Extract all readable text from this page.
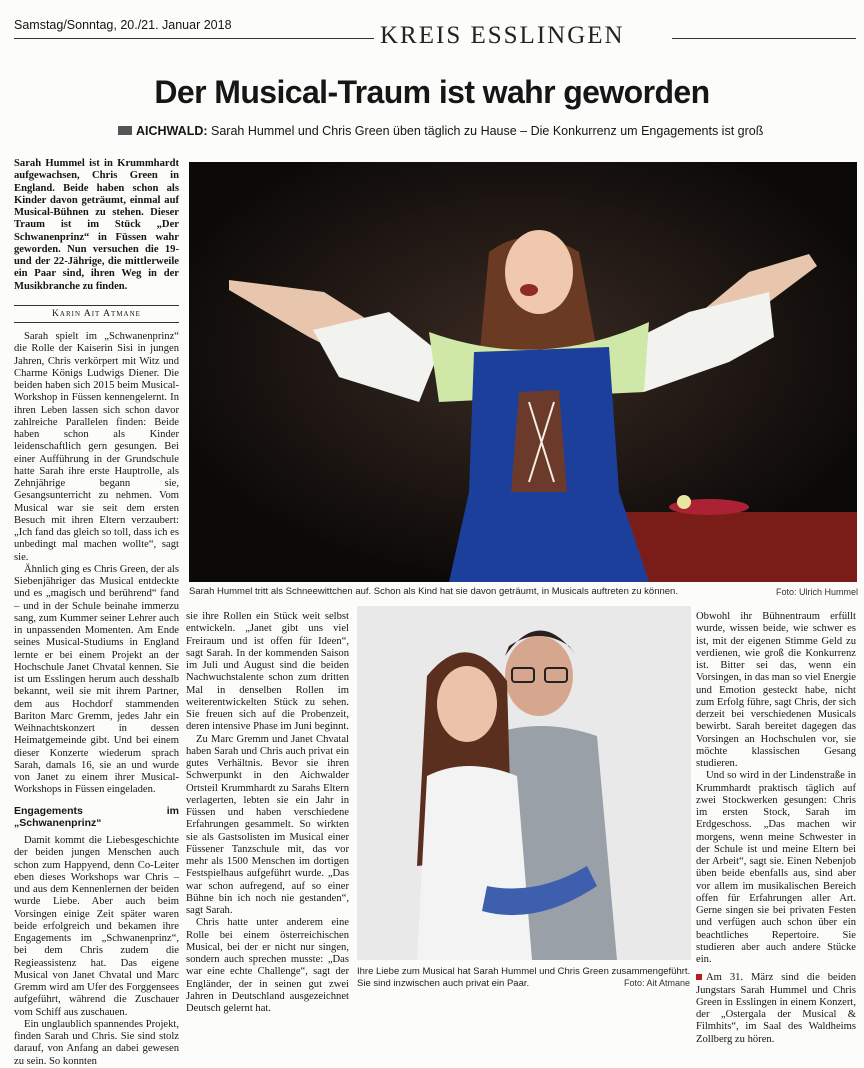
Samstag/Sonntag, 20./21. Januar 2018	KREIS ESSLINGEN
Der Musical-Traum ist wahr geworden
AICHWALD: Sarah Hummel und Chris Green üben täglich zu Hause – Die Konkurrenz um Engagements ist groß

Sarah Hummel ist in Krummhardt aufgewachsen, Chris Green in England. Beide haben schon als Kinder davon geträumt, einmal auf Musical-Bühnen zu stehen. Dieser Traum ist im Stück „Der Schwanenprinz“ in Füssen wahr geworden. Nun versuchen die 19- und der 22-Jährige, die mittlerweile ein Paar sind, ihren Weg in der Musikbranche zu finden.

Karin Ait Atmane

Sarah spielt im „Schwanenprinz“ die Rolle der Kaiserin Sisi in jungen Jahren, Chris verkörpert mit Witz und Charme Königs Ludwigs Diener. Die beiden haben sich 2015 beim Musical-Workshop in Füssen kennengelernt. In ihren Leben lassen sich schon davor zahlreiche Parallelen finden: Beide haben schon als Kinder leidenschaftlich gern gesungen. Bei einer Aufführung in der Grundschule hatte Sarah ihre erste Hauptrolle, als Zehnjährige begann sie, Gesangsunterricht zu nehmen. Vom Musical war sie seit dem ersten Besuch mit ihren Eltern verzaubert: „Ich fand das gleich so toll, dass ich es unbedingt mal machen wollte“, sagt sie.

Ähnlich ging es Chris Green, der als Siebenjähriger das Musical entdeckte und es „magisch und berührend“ fand – und in der Schule beinahe immerzu sang, zum Kummer seiner Lehrer auch in unpassenden Momenten. Am Ende seines Musical-Studiums in England lernte er bei einem Projekt an der Hochschule Janet Chvatal kennen. Sie ist um Esslingen herum auch desshalb bekannt, weil sie mit ihrem Partner, dem aus Hochdorf stammenden Bariton Marc Gremm, jedes Jahr ein Weihnachtskonzert in dessen Heimatgemeinde gibt. Und bei einem dieser Konzerte wiederum sprach Sarah, damals 16, sie an und wurde von Janet zu einem ihrer Musical-Workshops in Füssen eingeladen.

Engagements im „Schwanenprinz“

Damit kommt die Liebesgeschichte der beiden jungen Menschen auch schon zum Happyend, denn Co-Leiter eben dieses Workshops war Chris – und aus dem Kennenlernen der beiden wurde Liebe. Aber auch beim Vorsingen einige Zeit später waren beide erfolgreich und bekamen ihre Engagements im „Schwanenprinz“, bei dem Chris zudem die Regieassistenz hat. Das eigene Musical von Janet Chvatal und Marc Gremm wird am Ufer des Forggensees aufgeführt, während die Zuschauer vom Schiff aus zuschauen.

Ein unglaublich spannendes Projekt, finden Sarah und Chris. Sie sind stolz darauf, von Anfang an dabei gewesen zu sein. So konnten

Sarah Hummel tritt als Schneewittchen auf. Schon als Kind hat sie davon geträumt, in Musicals auftreten zu können.	Foto: Ulrich Hummel

sie ihre Rollen ein Stück weit selbst entwickeln. „Janet gibt uns viel Freiraum und ist offen für Ideen“, sagt Sarah. In der kommenden Saison im Juli und August sind die beiden Nachwuchstalente schon zum dritten Mal in denselben Rollen im weiterentwickelten Stück zu sehen. Sie freuen sich auf die Probenzeit, deren intensive Phase im Juni beginnt.

Zu Marc Gremm und Janet Chvatal haben Sarah und Chris auch privat ein gutes Verhältnis. Bevor sie ihren Schwerpunkt in den Aichwalder Ortsteil Krummhardt zu Sarahs Eltern verlagerten, lebten sie ein Jahr in Füssen und haben verschiedene Erfahrungen gesammelt. So wirkten sie als Gastsolisten im Musical einer Füssener Tanzschule mit, das vor mehr als 1500 Menschen im dortigen Festspielhaus aufgeführt wurde. „Das war schon aufregend, auf so einer Bühne bin ich noch nie gestanden“, sagt Sarah.

Chris hatte unter anderem eine Rolle bei einem österreichischen Musical, bei der er nicht nur singen, sondern auch sprechen musste: „Das war eine echte Challenge“, sagt der Engländer, der in seinen gut zwei Jahren in Deutschland ausgezeichnet Deutsch gelernt hat.

Ihre Liebe zum Musical hat Sarah Hummel und Chris Green zusammengeführt. Sie sind inzwischen auch privat ein Paar.	Foto: Ait Atmane

Obwohl ihr Bühnentraum erfüllt wurde, wissen beide, wie schwer es ist, mit der eigenen Stimme Geld zu verdienen, wie groß die Konkurrenz ist. Bitter sei das, wenn ein Vorsingen, in das man so viel Energie und Emotion gesteckt habe, nicht zum Erfolg führe, sagt Chris, der sich derzeit bei verschiedenen Musicals bewirbt. Sarah bereitet dagegen das Vorsingen an Hochschulen vor, sie möchte klassischen Gesang studieren.

Und so wird in der Lindenstraße in Krummhardt praktisch täglich auf zwei Stockwerken gesungen: Chris im ersten Stock, Sarah im Erdgeschoss. „Das machen wir morgens, wenn meine Schwester in der Schule ist und meine Eltern bei der Arbeit“, sagt sie. Einen Nebenjob üben beide ebenfalls aus, sind aber vor allem im musikalischen Bereich offen für Erfahrungen aller Art. Gerne singen sie bei privaten Festen und verfügen auch schon über ein beachtliches Repertoire. Sie studieren aber auch andere Stücke ein.

Am 31. März sind die beiden Jungstars Sarah Hummel und Chris Green in Esslingen in einem Konzert, der „Ostergala der Musical & Filmhits“, im Saal des Waldheims Zollberg zu hören.
